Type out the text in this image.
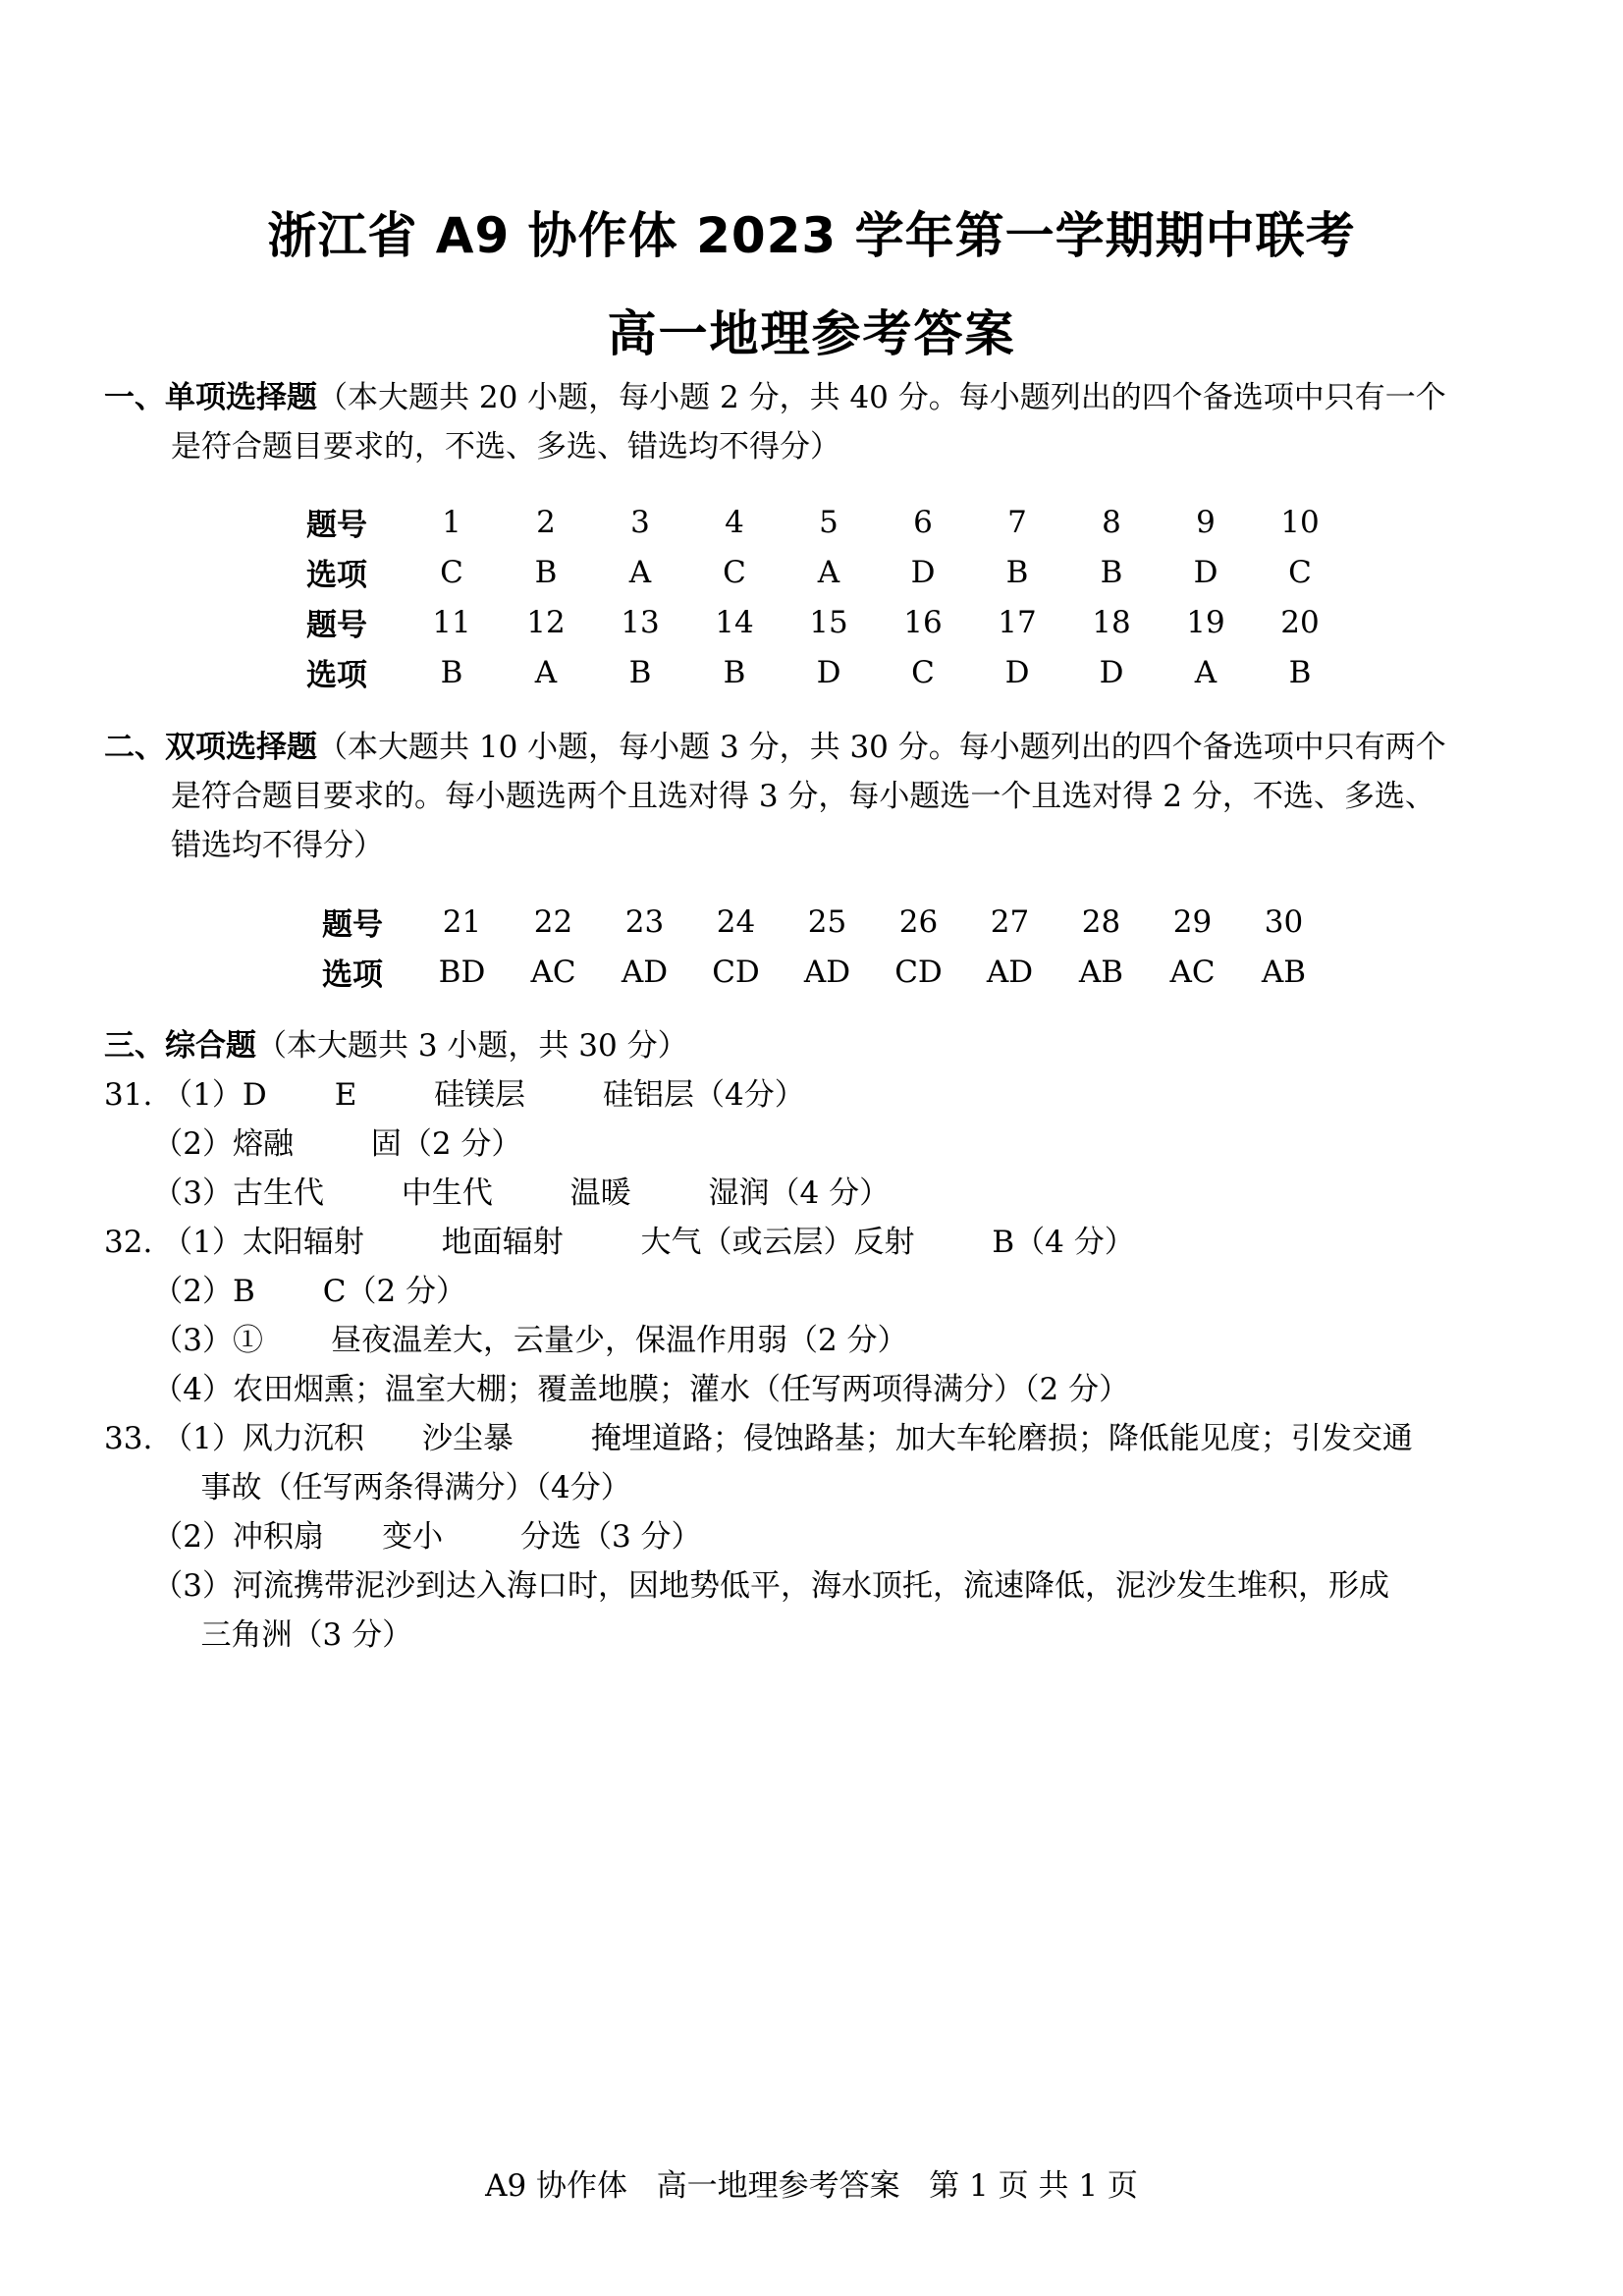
浙江省 A9 协作体 2023 学年第一学期期中联考
高一地理参考答案
一、单项选择题（本大题共 20 小题，每小题 2 分，共 40 分。每小题列出的四个备选项中只有一个
是符合题目要求的，不选、多选、错选均不得分）
题号	1	2	3	4	5	6	7	8	9	10
选项	C	B	A	C	A	D	B	B	D	C
题号	11	12	13	14	15	16	17	18	19	20
选项	B	A	B	B	D	C	D	D	A	B
二、双项选择题（本大题共 10 小题，每小题 3 分，共 30 分。每小题列出的四个备选项中只有两个
是符合题目要求的。每小题选两个且选对得 3 分，每小题选一个且选对得 2 分，不选、多选、
错选均不得分）
题号	21	22	23	24	25	26	27	28	29	30
选项	BD	AC	AD	CD	AD	CD	AD	AB	AC	AB
三、综合题（本大题共 3 小题，共 30 分）
31. （1）D       E        硅镁层        硅铝层（4分）
（2）熔融        固（2 分）
（3）古生代        中生代        温暖        湿润（4 分）
32. （1）太阳辐射        地面辐射        大气（或云层）反射        B（4 分）
（2）B       C（2 分）
（3）①       昼夜温差大，云量少，保温作用弱（2 分）
（4）农田烟熏；温室大棚；覆盖地膜；灌水（任写两项得满分）（2 分）
33. （1）风力沉积      沙尘暴        掩埋道路；侵蚀路基；加大车轮磨损；降低能见度；引发交通
事故（任写两条得满分）（4分）
（2）冲积扇      变小        分选（3 分）
（3）河流携带泥沙到达入海口时，因地势低平，海水顶托，流速降低，泥沙发生堆积，形成
三角洲（3 分）
A9 协作体   高一地理参考答案   第 1 页 共 1 页
